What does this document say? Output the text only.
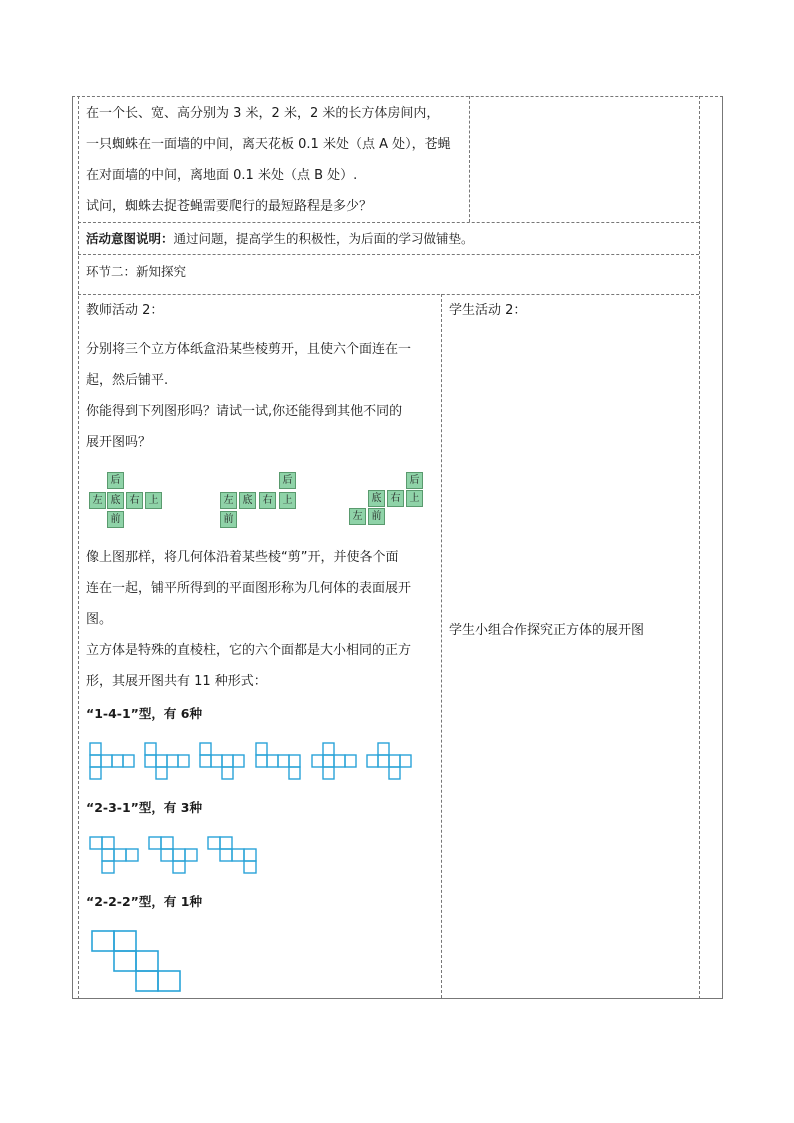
在一个长、宽、高分别为 3 米，2 米，2 米的长方体房间内，
一只蜘蛛在一面墙的中间，离天花板 0.1 米处（点 A 处），苍蝇
在对面墙的中间，离地面 0.1 米处（点 B 处）.
试问，蜘蛛去捉苍蝇需要爬行的最短路程是多少？
活动意图说明：通过问题，提高学生的积极性，为后面的学习做铺垫。
环节二：新知探究
教师活动 2：
分别将三个立方体纸盒沿某些棱剪开，且使六个面连在一
起，然后铺平.
你能得到下列图形吗？请试一试,你还能得到其他不同的
展开图吗？
后
左 底 右 上
前
后
左 底	右	上
前
后
底 右 上
左 前
像上图那样，将几何体沿着某些棱“剪”开，并使各个面
连在一起，铺平所得到的平面图形称为几何体的表面展开
图。
立方体是特殊的直棱柱，它的六个面都是大小相同的正方
形，其展开图共有 11 种形式：
“1-4-1”型，有 6种
“2-3-1”型，有 3种
“2-2-2”型，有 1种
学生活动 2：
学生小组合作探究正方体的展开图
